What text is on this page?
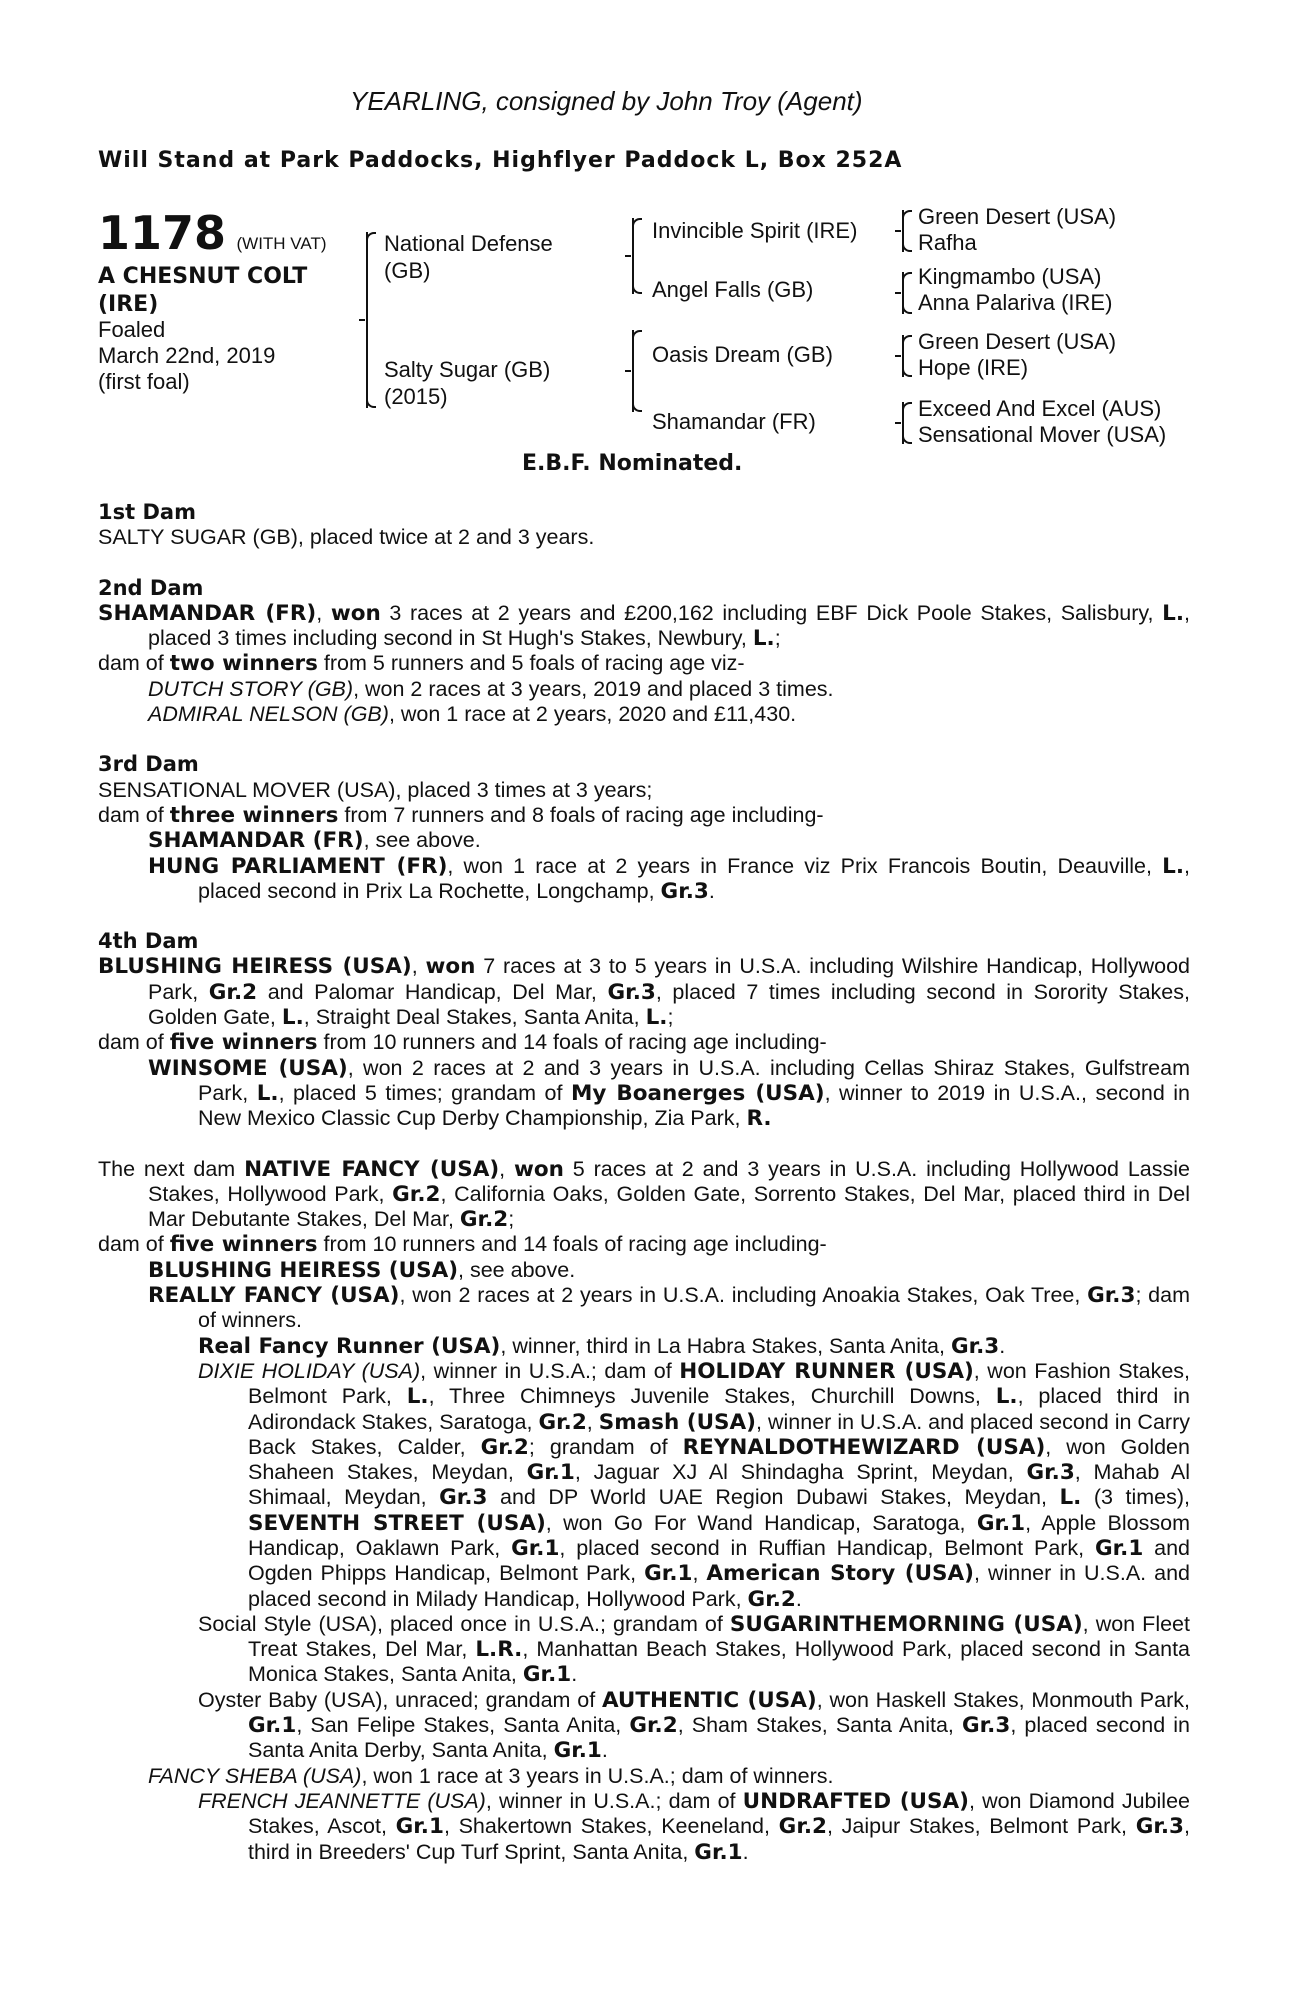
YEARLING, consigned by John Troy (Agent)
Will Stand at Park Paddocks, Highflyer Paddock L, Box 252A
1178 (WITH VAT)
A CHESNUT COLT
(IRE)
Foaled
March 22nd, 2019
(first foal)
National Defense
(GB)
Salty Sugar (GB)
(2015)
Invincible Spirit (IRE)
Angel Falls (GB)
Oasis Dream (GB)
Shamandar (FR)
Green Desert (USA)
Rafha
Kingmambo (USA)
Anna Palariva (IRE)
Green Desert (USA)
Hope (IRE)
Exceed And Excel (AUS)
Sensational Mover (USA)
E.B.F. Nominated.
1st Dam

SALTY SUGAR (GB), placed twice at 2 and 3 years.

2nd Dam

SHAMANDAR (FR), won 3 races at 2 years and £200,162 including EBF Dick Poole Stakes, Salisbury, L., placed 3 times including second in St Hugh's Stakes, Newbury, L.;

dam of two winners from 5 runners and 5 foals of racing age viz-

DUTCH STORY (GB), won 2 races at 3 years, 2019 and placed 3 times.

ADMIRAL NELSON (GB), won 1 race at 2 years, 2020 and £11,430.

3rd Dam

SENSATIONAL MOVER (USA), placed 3 times at 3 years;

dam of three winners from 7 runners and 8 foals of racing age including-

SHAMANDAR (FR), see above.

HUNG PARLIAMENT (FR), won 1 race at 2 years in France viz Prix Francois Boutin, Deauville, L., placed second in Prix La Rochette, Longchamp, Gr.3.

4th Dam

BLUSHING HEIRESS (USA), won 7 races at 3 to 5 years in U.S.A. including Wilshire Handicap, Hollywood Park, Gr.2 and Palomar Handicap, Del Mar, Gr.3, placed 7 times including second in Sorority Stakes, Golden Gate, L., Straight Deal Stakes, Santa Anita, L.;

dam of five winners from 10 runners and 14 foals of racing age including-

WINSOME (USA), won 2 races at 2 and 3 years in U.S.A. including Cellas Shiraz Stakes, Gulfstream Park, L., placed 5 times; grandam of My Boanerges (USA), winner to 2019 in U.S.A., second in New Mexico Classic Cup Derby Championship, Zia Park, R.

The next dam NATIVE FANCY (USA), won 5 races at 2 and 3 years in U.S.A. including Hollywood Lassie Stakes, Hollywood Park, Gr.2, California Oaks, Golden Gate, Sorrento Stakes, Del Mar, placed third in Del Mar Debutante Stakes, Del Mar, Gr.2;

dam of five winners from 10 runners and 14 foals of racing age including-

BLUSHING HEIRESS (USA), see above.

REALLY FANCY (USA), won 2 races at 2 years in U.S.A. including Anoakia Stakes, Oak Tree, Gr.3; dam of winners.

Real Fancy Runner (USA), winner, third in La Habra Stakes, Santa Anita, Gr.3.

DIXIE HOLIDAY (USA), winner in U.S.A.; dam of HOLIDAY RUNNER (USA), won Fashion Stakes, Belmont Park, L., Three Chimneys Juvenile Stakes, Churchill Downs, L., placed third in Adirondack Stakes, Saratoga, Gr.2, Smash (USA), winner in U.S.A. and placed second in Carry Back Stakes, Calder, Gr.2; grandam of REYNALDOTHEWIZARD (USA), won Golden Shaheen Stakes, Meydan, Gr.1, Jaguar XJ Al Shindagha Sprint, Meydan, Gr.3, Mahab Al Shimaal, Meydan, Gr.3 and DP World UAE Region Dubawi Stakes, Meydan, L. (3 times), SEVENTH STREET (USA), won Go For Wand Handicap, Saratoga, Gr.1, Apple Blossom Handicap, Oaklawn Park, Gr.1, placed second in Ruffian Handicap, Belmont Park, Gr.1 and Ogden Phipps Handicap, Belmont Park, Gr.1, American Story (USA), winner in U.S.A. and placed second in Milady Handicap, Hollywood Park, Gr.2.

Social Style (USA), placed once in U.S.A.; grandam of SUGARINTHEMORNING (USA), won Fleet Treat Stakes, Del Mar, L.R., Manhattan Beach Stakes, Hollywood Park, placed second in Santa Monica Stakes, Santa Anita, Gr.1.

Oyster Baby (USA), unraced; grandam of AUTHENTIC (USA), won Haskell Stakes, Monmouth Park, Gr.1, San Felipe Stakes, Santa Anita, Gr.2, Sham Stakes, Santa Anita, Gr.3, placed second in Santa Anita Derby, Santa Anita, Gr.1.

FANCY SHEBA (USA), won 1 race at 3 years in U.S.A.; dam of winners.

FRENCH JEANNETTE (USA), winner in U.S.A.; dam of UNDRAFTED (USA), won Diamond Jubilee Stakes, Ascot, Gr.1, Shakertown Stakes, Keeneland, Gr.2, Jaipur Stakes, Belmont Park, Gr.3, third in Breeders' Cup Turf Sprint, Santa Anita, Gr.1.
